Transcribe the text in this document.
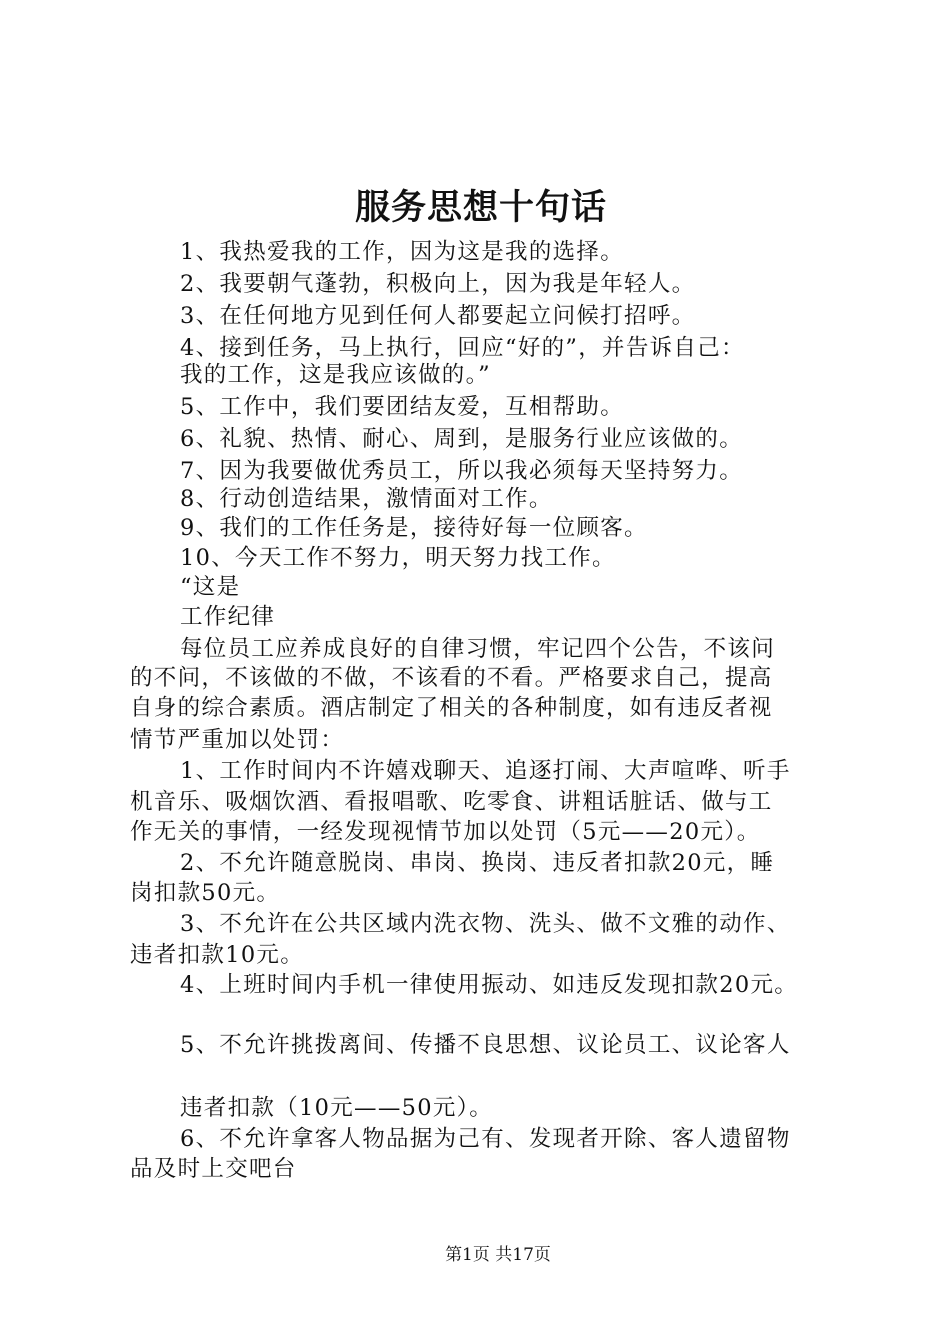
服务思想十句话
1、我热爱我的工作，因为这是我的选择。
2、我要朝气蓬勃，积极向上，因为我是年轻人。
3、在任何地方见到任何人都要起立问候打招呼。
4、接到任务，马上执行，回应“好的”，并告诉自己：
我的工作，这是我应该做的。”
5、工作中，我们要团结友爱，互相帮助。
6、礼貌、热情、耐心、周到，是服务行业应该做的。
7、因为我要做优秀员工，所以我必须每天坚持努力。
8、行动创造结果，激情面对工作。
9、我们的工作任务是，接待好每一位顾客。
10、今天工作不努力，明天努力找工作。
“这是
工作纪律
每位员工应养成良好的自律习惯，牢记四个公告，不该问
的不问，不该做的不做，不该看的不看。严格要求自己，提高
自身的综合素质。酒店制定了相关的各种制度，如有违反者视
情节严重加以处罚：
1、工作时间内不许嬉戏聊天、追逐打闹、大声喧哗、听手
机音乐、吸烟饮酒、看报唱歌、吃零食、讲粗话脏话、做与工
作无关的事情，一经发现视情节加以处罚（5元——20元）。
2、不允许随意脱岗、串岗、换岗、违反者扣款20元，睡
岗扣款50元。
3、不允许在公共区域内洗衣物、洗头、做不文雅的动作、
违者扣款10元。
4、上班时间内手机一律使用振动、如违反发现扣款20元。
5、不允许挑拨离间、传播不良思想、议论员工、议论客人
违者扣款（10元——50元）。
6、不允许拿客人物品据为己有、发现者开除、客人遗留物
品及时上交吧台
第1页 共17页
